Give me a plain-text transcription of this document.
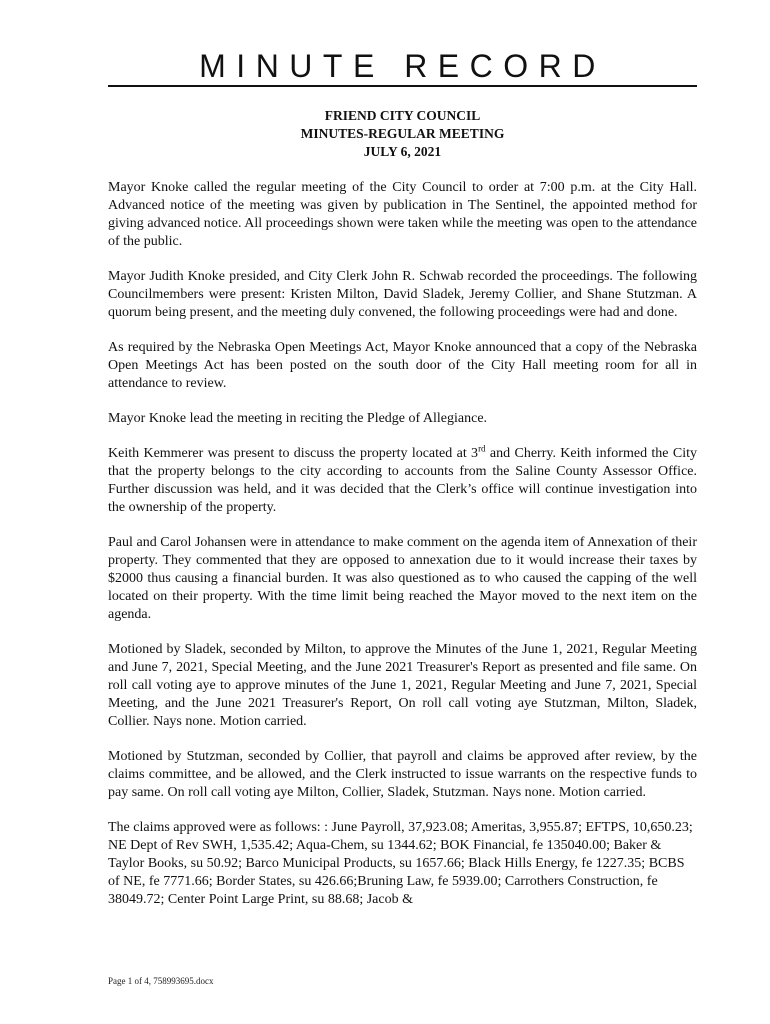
MINUTE RECORD
FRIEND CITY COUNCIL
MINUTES-REGULAR MEETING
JULY 6, 2021

Mayor Knoke called the regular meeting of the City Council to order at 7:00 p.m. at the City Hall. Advanced notice of the meeting was given by publication in The Sentinel, the appointed method for giving advanced notice. All proceedings shown were taken while the meeting was open to the attendance of the public.

Mayor Judith Knoke presided, and City Clerk John R. Schwab recorded the proceedings. The following Councilmembers were present: Kristen Milton, David Sladek, Jeremy Collier, and Shane Stutzman. A quorum being present, and the meeting duly convened, the following proceedings were had and done.

As required by the Nebraska Open Meetings Act, Mayor Knoke announced that a copy of the Nebraska Open Meetings Act has been posted on the south door of the City Hall meeting room for all in attendance to review.

Mayor Knoke lead the meeting in reciting the Pledge of Allegiance.

Keith Kemmerer was present to discuss the property located at 3rd and Cherry. Keith informed the City that the property belongs to the city according to accounts from the Saline County Assessor Office. Further discussion was held, and it was decided that the Clerk’s office will continue investigation into the ownership of the property.

Paul and Carol Johansen were in attendance to make comment on the agenda item of Annexation of their property. They commented that they are opposed to annexation due to it would increase their taxes by $2000 thus causing a financial burden. It was also questioned as to who caused the capping of the well located on their property. With the time limit being reached the Mayor moved to the next item on the agenda.

Motioned by Sladek, seconded by Milton, to approve the Minutes of the June 1, 2021, Regular Meeting and June 7, 2021, Special Meeting, and the June 2021 Treasurer's Report as presented and file same. On roll call voting aye to approve minutes of the June 1, 2021, Regular Meeting and June 7, 2021, Special Meeting, and the June 2021 Treasurer's Report, On roll call voting aye Stutzman, Milton, Sladek, Collier. Nays none. Motion carried.

Motioned by Stutzman, seconded by Collier, that payroll and claims be approved after review, by the claims committee, and be allowed, and the Clerk instructed to issue warrants on the respective funds to pay same. On roll call voting aye Milton, Collier, Sladek, Stutzman. Nays none. Motion carried.

The claims approved were as follows: : June Payroll, 37,923.08; Ameritas, 3,955.87; EFTPS, 10,650.23; NE Dept of Rev SWH, 1,535.42; Aqua-Chem, su 1344.62; BOK Financial, fe 135040.00; Baker & Taylor Books, su 50.92; Barco Municipal Products, su 1657.66; Black Hills Energy, fe 1227.35; BCBS of NE, fe 7771.66; Border States, su 426.66;Bruning Law, fe 5939.00; Carrothers Construction, fe 38049.72; Center Point Large Print, su 88.68; Jacob &

Page 1 of 4, 758993695.docx
